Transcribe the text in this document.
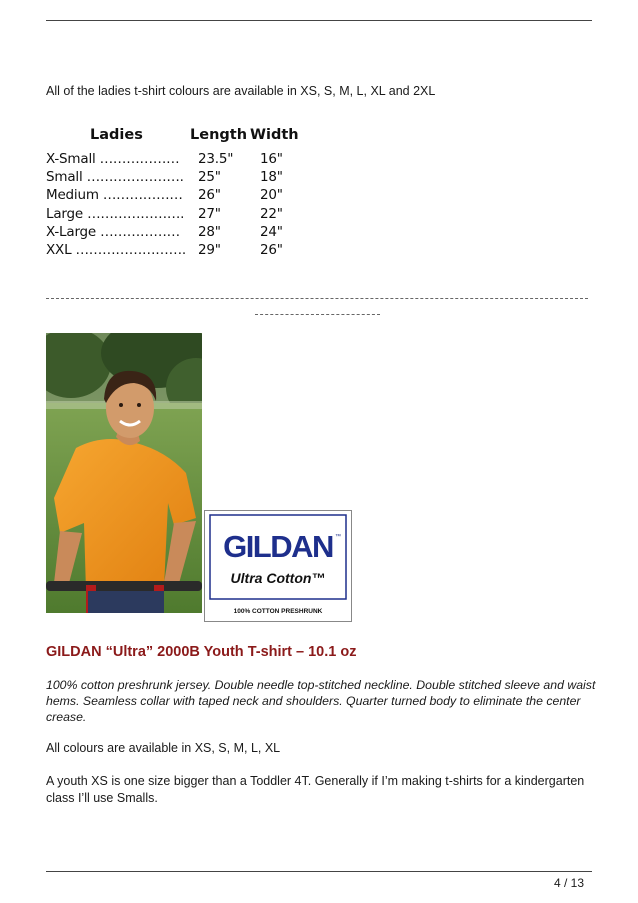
All of the ladies t-shirt colours are available in XS, S, M, L, XL and 2XL
Ladies	Length Width
X-Small ……………… 23.5" 16"
Small …………………. 25"	18"
Medium ……………… 26"	20"
Large …………………. 27"	22"
X-Large ……………… 28"	24"
XXL ……………………. 29"	26"
GILDAN ™
Ultra Cotton™
100% COTTON PRESHRUNK
GILDAN “Ultra” 2000B Youth T-shirt – 10.1 oz
100% cotton preshrunk jersey. Double needle top-stitched neckline. Double stitched sleeve and waist hems. Seamless collar with taped neck and shoulders. Quarter turned body to eliminate the center crease.
All colours are available in XS, S, M, L, XL
A youth XS is one size bigger than a Toddler 4T. Generally if I’m making t-shirts for a kindergarten class I’ll use Smalls.
4 / 13
